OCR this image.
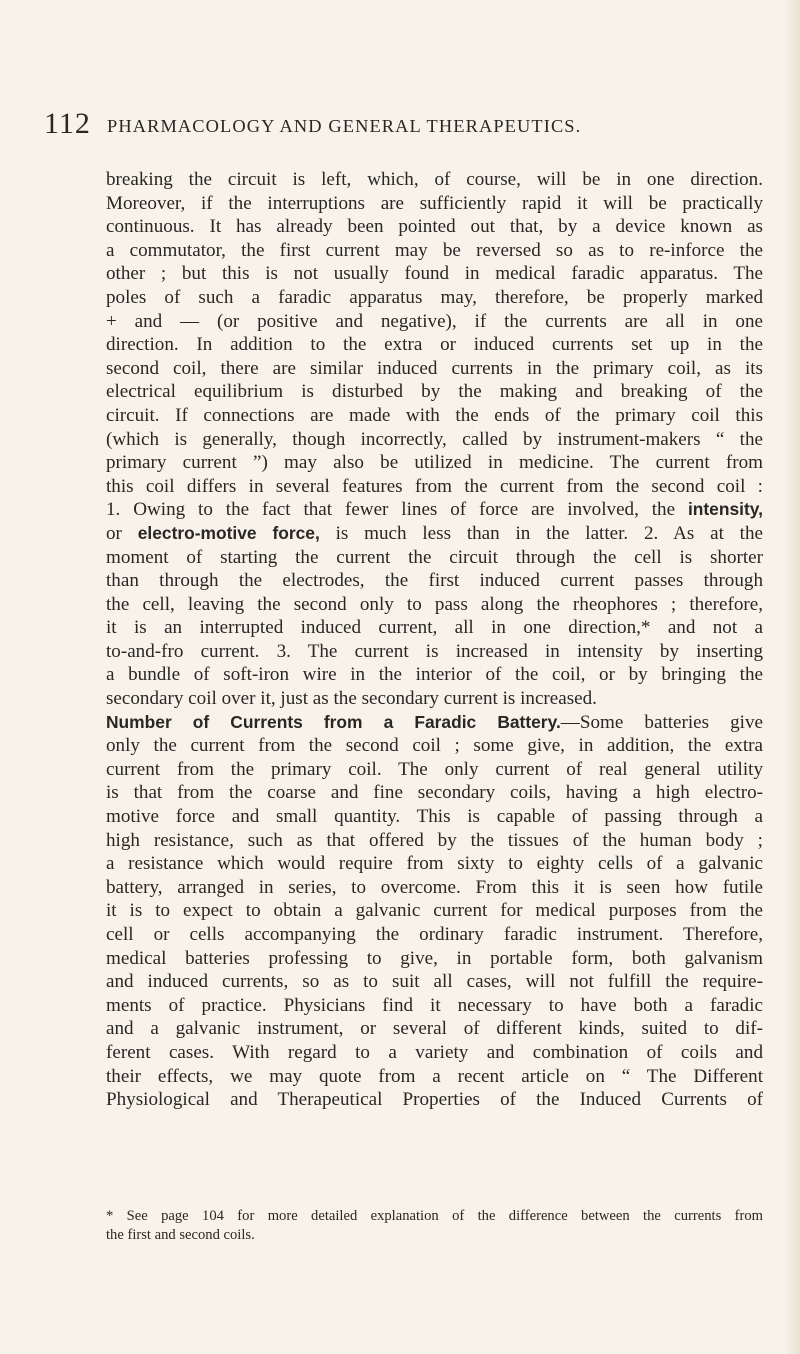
112 PHARMACOLOGY AND GENERAL THERAPEUTICS.
breaking the circuit is left, which, of course, will be in one direction.
Moreover, if the interruptions are sufficiently rapid it will be practically
continuous. It has already been pointed out that, by a device known as
a commutator, the first current may be reversed so as to re-inforce the
other ; but this is not usually found in medical faradic apparatus. The
poles of such a faradic apparatus may, therefore, be properly marked
+ and — (or positive and negative), if the currents are all in one
direction. In addition to the extra or induced currents set up in the
second coil, there are similar induced currents in the primary coil, as its
electrical equilibrium is disturbed by the making and breaking of the
circuit. If connections are made with the ends of the primary coil this
(which is generally, though incorrectly, called by instrument-makers “ the
primary current ”) may also be utilized in medicine. The current from
this coil differs in several features from the current from the second coil :
1. Owing to the fact that fewer lines of force are involved, the intensity,
or electro-motive force, is much less than in the latter. 2. As at the
moment of starting the current the circuit through the cell is shorter
than through the electrodes, the first induced current passes through
the cell, leaving the second only to pass along the rheophores ; therefore,
it is an interrupted induced current, all in one direction,* and not a
to-and-fro current. 3. The current is increased in intensity by inserting
a bundle of soft-iron wire in the interior of the coil, or by bringing the
secondary coil over it, just as the secondary current is increased.
Number of Currents from a Faradic Battery.—Some batteries give
only the current from the second coil ; some give, in addition, the extra
current from the primary coil. The only current of real general utility
is that from the coarse and fine secondary coils, having a high electro-
motive force and small quantity. This is capable of passing through a
high resistance, such as that offered by the tissues of the human body ;
a resistance which would require from sixty to eighty cells of a galvanic
battery, arranged in series, to overcome. From this it is seen how futile
it is to expect to obtain a galvanic current for medical purposes from the
cell or cells accompanying the ordinary faradic instrument. Therefore,
medical batteries professing to give, in portable form, both galvanism
and induced currents, so as to suit all cases, will not fulfill the require-
ments of practice. Physicians find it necessary to have both a faradic
and a galvanic instrument, or several of different kinds, suited to dif-
ferent cases. With regard to a variety and combination of coils and
their effects, we may quote from a recent article on “ The Different
Physiological and Therapeutical Properties of the Induced Currents of
* See page 104 for more detailed explanation of the difference between the currents from
the first and second coils.
